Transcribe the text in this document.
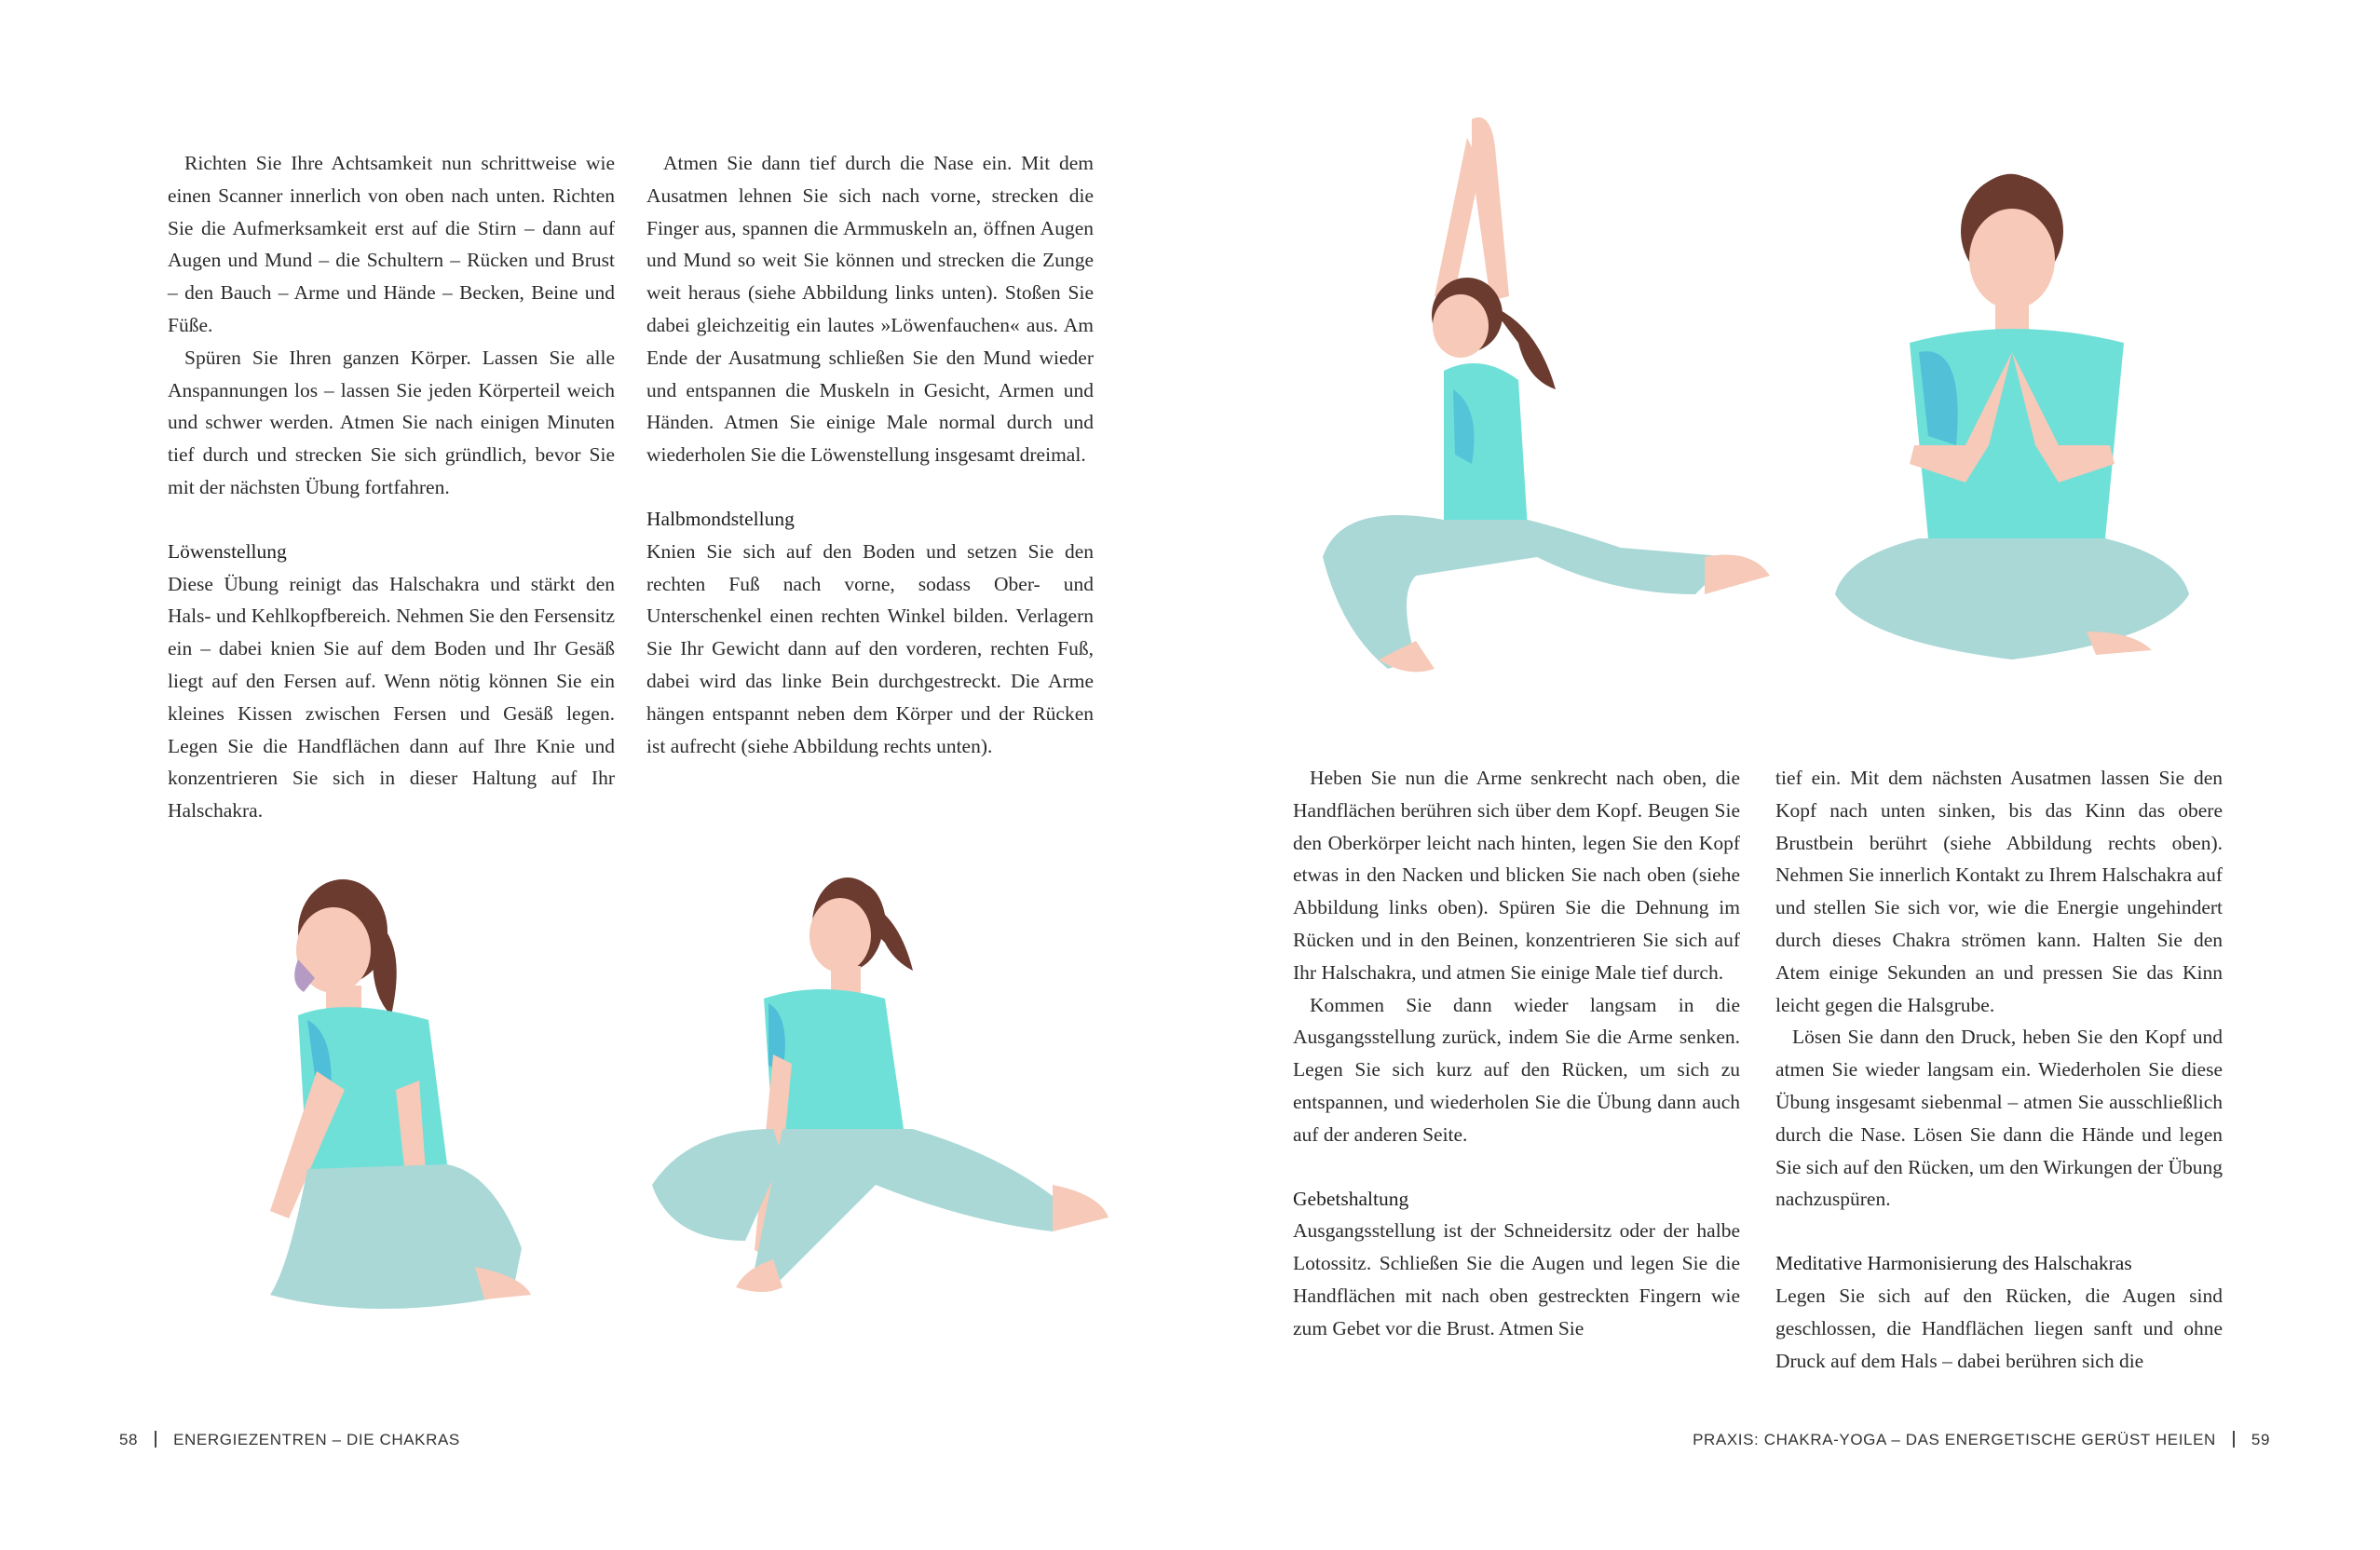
Richten Sie Ihre Achtsamkeit nun schrittweise wie einen Scanner innerlich von oben nach unten. Richten Sie die Aufmerksamkeit erst auf die Stirn – dann auf Augen und Mund – die Schultern – Rücken und Brust – den Bauch – Arme und Hände – Becken, Beine und Füße.

Spüren Sie Ihren ganzen Körper. Lassen Sie alle Anspannungen los – lassen Sie jeden Körperteil weich und schwer werden. Atmen Sie nach einigen Minuten tief durch und strecken Sie sich gründlich, bevor Sie mit der nächsten Übung fortfahren.

Löwenstellung

Diese Übung reinigt das Halschakra und stärkt den Hals- und Kehlkopfbereich. Nehmen Sie den Fersensitz ein – dabei knien Sie auf dem Boden und Ihr Gesäß liegt auf den Fersen auf. Wenn nötig können Sie ein kleines Kissen zwischen Fersen und Gesäß legen. Legen Sie die Handflächen dann auf Ihre Knie und konzentrieren Sie sich in dieser Haltung auf Ihr Halschakra.

Atmen Sie dann tief durch die Nase ein. Mit dem Ausatmen lehnen Sie sich nach vorne, strecken die Finger aus, spannen die Armmuskeln an, öffnen Augen und Mund so weit Sie können und strecken die Zunge weit heraus (siehe Abbildung links unten). Stoßen Sie dabei gleichzeitig ein lautes »Löwenfauchen« aus. Am Ende der Ausatmung schließen Sie den Mund wieder und entspannen die Muskeln in Gesicht, Armen und Händen. Atmen Sie einige Male normal durch und wiederholen Sie die Löwenstellung insgesamt dreimal.

Halbmondstellung

Knien Sie sich auf den Boden und setzen Sie den rechten Fuß nach vorne, sodass Ober- und Unterschenkel einen rechten Winkel bilden. Verlagern Sie Ihr Gewicht dann auf den vorderen, rechten Fuß, dabei wird das linke Bein durchgestreckt. Die Arme hängen entspannt neben dem Körper und der Rücken ist aufrecht (siehe Abbildung rechts unten).

Heben Sie nun die Arme senkrecht nach oben, die Handflächen berühren sich über dem Kopf. Beugen Sie den Oberkörper leicht nach hinten, legen Sie den Kopf etwas in den Nacken und blicken Sie nach oben (siehe Abbildung links oben). Spüren Sie die Dehnung im Rücken und in den Beinen, konzentrieren Sie sich auf Ihr Halschakra, und atmen Sie einige Male tief durch.

Kommen Sie dann wieder langsam in die Ausgangsstellung zurück, indem Sie die Arme senken. Legen Sie sich kurz auf den Rücken, um sich zu entspannen, und wiederholen Sie die Übung dann auch auf der anderen Seite.

Gebetshaltung

Ausgangsstellung ist der Schneidersitz oder der halbe Lotossitz. Schließen Sie die Augen und legen Sie die Handflächen mit nach oben gestreckten Fingern wie zum Gebet vor die Brust. Atmen Sie

tief ein. Mit dem nächsten Ausatmen lassen Sie den Kopf nach unten sinken, bis das Kinn das obere Brustbein berührt (siehe Abbildung rechts oben). Nehmen Sie innerlich Kontakt zu Ihrem Halschakra auf und stellen Sie sich vor, wie die Energie ungehindert durch dieses Chakra strömen kann. Halten Sie den Atem einige Sekunden an und pressen Sie das Kinn leicht gegen die Halsgrube.

Lösen Sie dann den Druck, heben Sie den Kopf und atmen Sie wieder langsam ein. Wiederholen Sie diese Übung insgesamt siebenmal – atmen Sie ausschließlich durch die Nase. Lösen Sie dann die Hände und legen Sie sich auf den Rücken, um den Wirkungen der Übung nachzuspüren.

Meditative Harmonisierung des Halschakras

Legen Sie sich auf den Rücken, die Augen sind geschlossen, die Handflächen liegen sanft und ohne Druck auf dem Hals – dabei berühren sich die

58 ENERGIEZENTREN – DIE CHAKRAS	PRAXIS: CHAKRA-YOGA – DAS ENERGETISCHE GERÜST HEILEN 59
